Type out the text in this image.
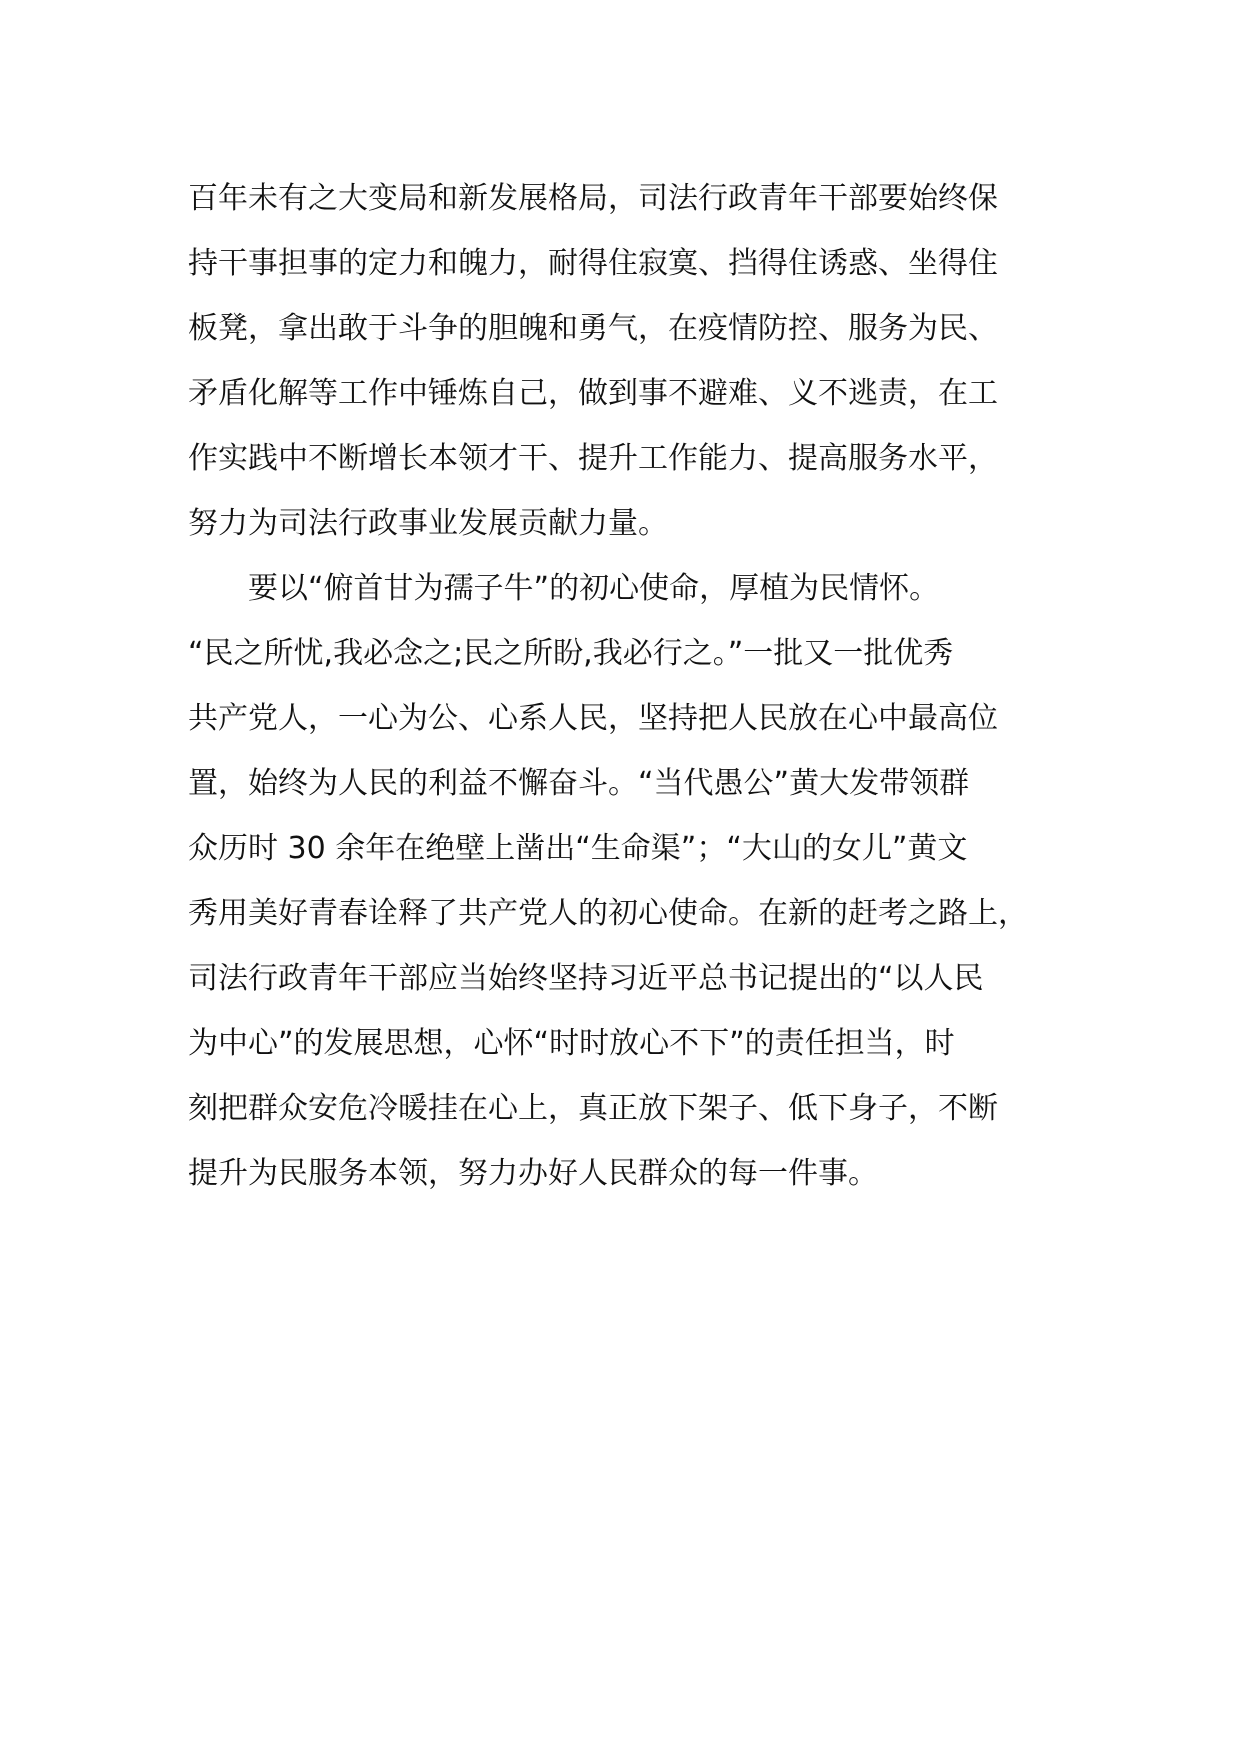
百年未有之大变局和新发展格局，司法行政青年干部要始终保
持干事担事的定力和魄力，耐得住寂寞、挡得住诱惑、坐得住
板凳，拿出敢于斗争的胆魄和勇气，在疫情防控、服务为民、
矛盾化解等工作中锤炼自己，做到事不避难、义不逃责，在工
作实践中不断增长本领才干、提升工作能力、提高服务水平，
努力为司法行政事业发展贡献力量。
要以“俯首甘为孺子牛”的初心使命，厚植为民情怀。
“民之所忧,我必念之;民之所盼,我必行之。”一批又一批优秀
共产党人，一心为公、心系人民，坚持把人民放在心中最高位
置，始终为人民的利益不懈奋斗。“当代愚公”黄大发带领群
众历时 30 余年在绝壁上凿出“生命渠”；“大山的女儿”黄文
秀用美好青春诠释了共产党人的初心使命。在新的赶考之路上，
司法行政青年干部应当始终坚持习近平总书记提出的“以人民
为中心”的发展思想，心怀“时时放心不下”的责任担当，时
刻把群众安危冷暖挂在心上，真正放下架子、低下身子，不断
提升为民服务本领，努力办好人民群众的每一件事。
